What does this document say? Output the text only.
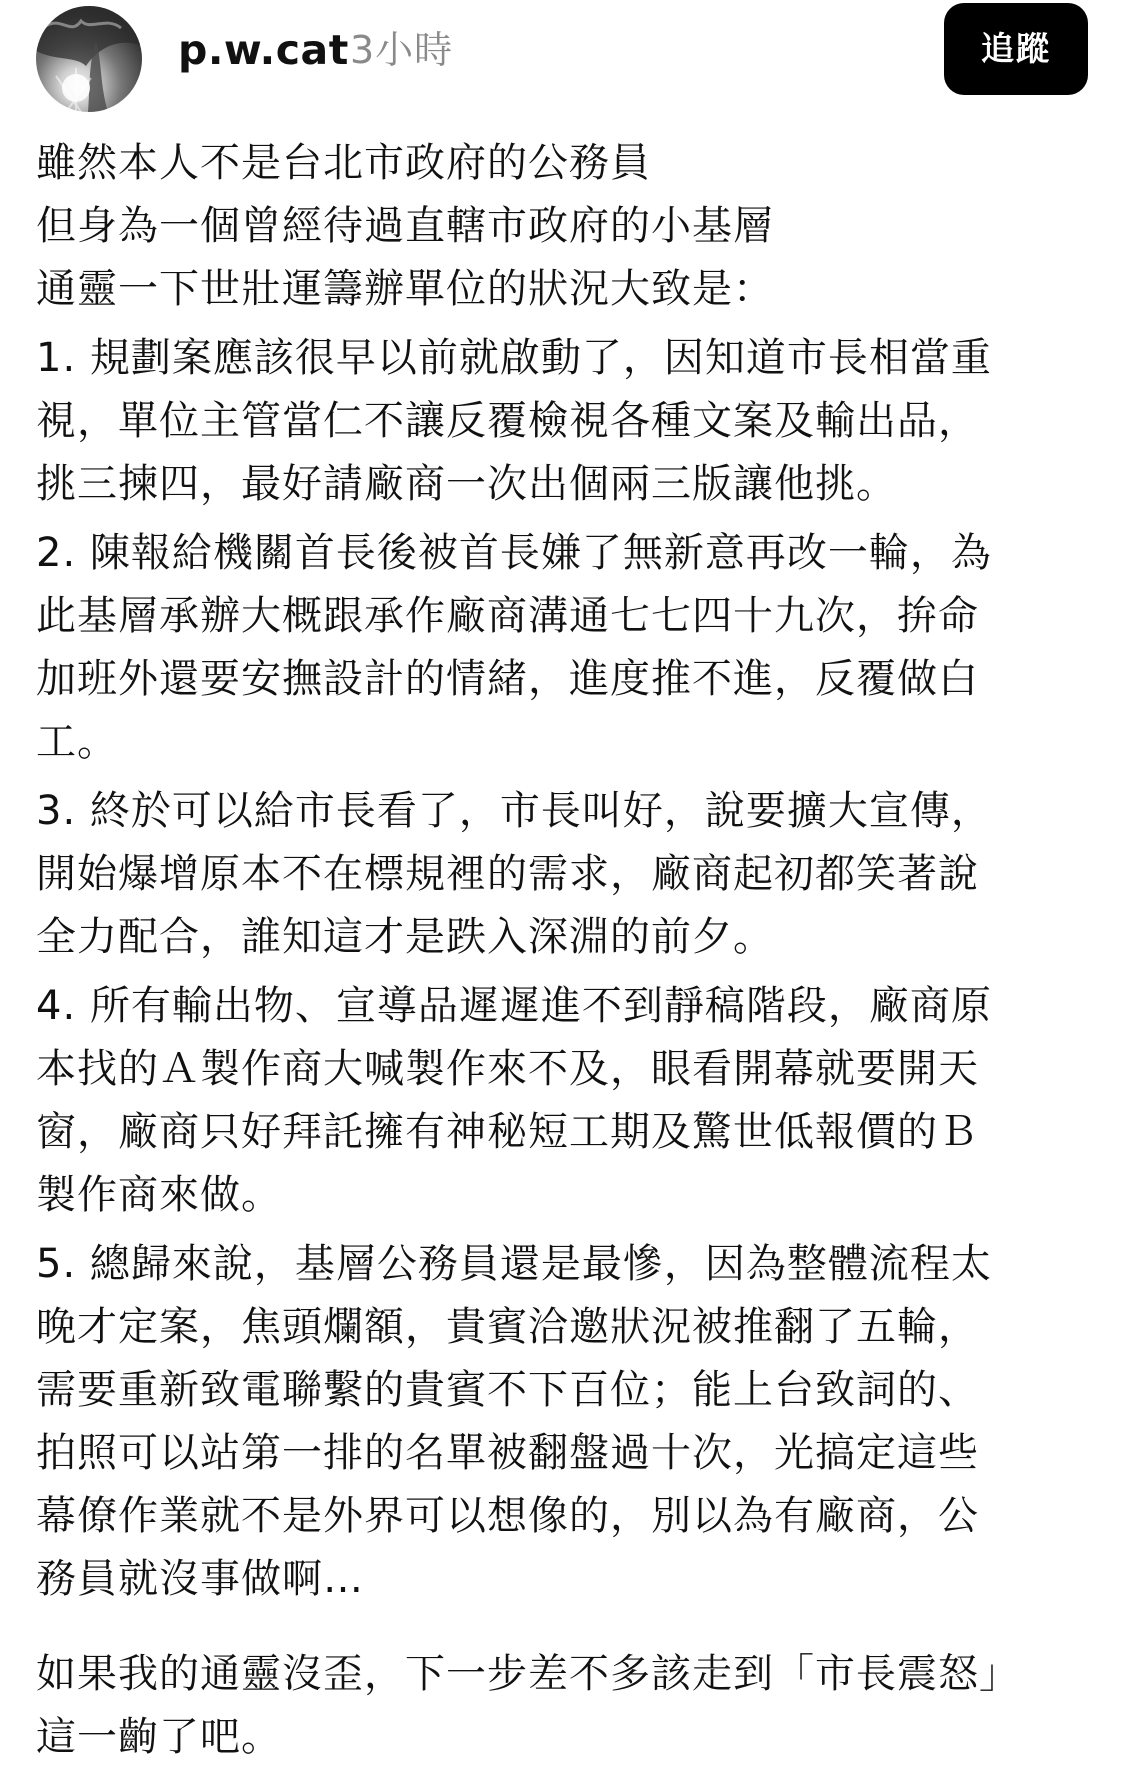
p.w.cat 3小時	追蹤

雖然本人不是台北市政府的公務員

但身為一個曾經待過直轄市政府的小基層

通靈一下世壯運籌辦單位的狀況大致是：

1. 規劃案應該很早以前就啟動了，因知道市長相當重

視，單位主管當仁不讓反覆檢視各種文案及輸出品，

挑三揀四，最好請廠商一次出個兩三版讓他挑。

2. 陳報給機關首長後被首長嫌了無新意再改一輪，為

此基層承辦大概跟承作廠商溝通七七四十九次，拚命

加班外還要安撫設計的情緒，進度推不進，反覆做白

工。

3. 終於可以給市長看了，市長叫好，說要擴大宣傳，

開始爆增原本不在標規裡的需求，廠商起初都笑著說

全力配合，誰知這才是跌入深淵的前夕。

4. 所有輸出物、宣導品遲遲進不到靜稿階段，廠商原

本找的Ａ製作商大喊製作來不及，眼看開幕就要開天

窗，廠商只好拜託擁有神秘短工期及驚世低報價的Ｂ

製作商來做。

5. 總歸來說，基層公務員還是最慘，因為整體流程太

晚才定案，焦頭爛額，貴賓洽邀狀況被推翻了五輪，

需要重新致電聯繫的貴賓不下百位；能上台致詞的、

拍照可以站第一排的名單被翻盤過十次，光搞定這些

幕僚作業就不是外界可以想像的，別以為有廠商，公

務員就沒事做啊…

如果我的通靈沒歪，下一步差不多該走到「市長震怒」

這一齣了吧。
